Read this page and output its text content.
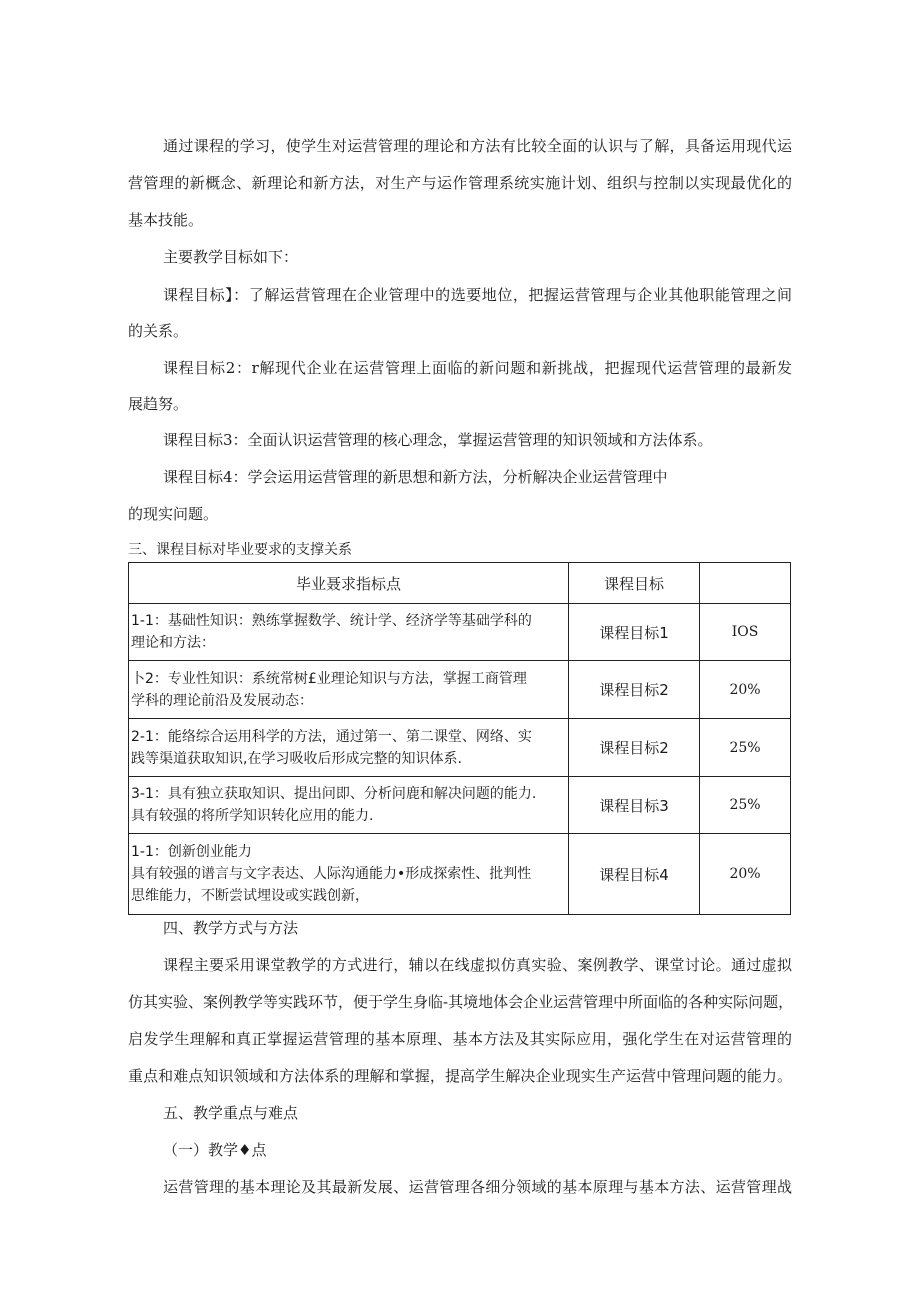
通过课程的学习，使学生对运营管理的理论和方法有比较全面的认识与了解，具备运用现代运
营管理的新概念、新理论和新方法，对生产与运作管理系统实施计划、组织与控制以实现最优化的
基本技能。
主要教学目标如下：
课程目标】：了解运营管理在企业管理中的选要地位，把握运营管理与企业其他职能管理之间
的关系。
课程目标2：r解现代企业在运营管理上面临的新问题和新挑战，把握现代运营管理的最新发
展趋努。
课程目标3：全面认识运营管理的核心理念，掌握运营管理的知识领域和方法体系。
课程目标4：学会运用运营管理的新思想和新方法，分析解决企业运营管理中
的现实问题。
三、课程目标对毕业要求的支撑关系
毕业聂求指标点	课程目标	

1-1：基础性知识：熟练掌握数学、统计学、经济学等基础学科的
理论和方法：	课程目标1	IOS

卜2：专业性知识：系统常树£业理论知识与方法，掌握工商管理
学科的理论前沿及发展动态：	课程目标2	20%

2-1：能络综合运用科学的方法，通过第一、第二课堂、网络、实
践等渠道获取知识,在学习吸收后形成完整的知识体系.	课程目标2	25%

3-1：具有独立获取知识、提出问即、分析问鹿和解决问题的能力.
具有较强的将所学知识转化应用的能力.	课程目标3	25%

1-1：创新创业能力
具有较强的谱言与文字表达、人际沟通能力•形成探索性、批判性
思维能力，不断尝试埋设或实践创新，	课程目标4	20%
四、教学方式与方法
课程主要采用课堂教学的方式进行，辅以在线虚拟仿真实验、案例教学、课堂讨论。通过虚拟
仿其实验、案例教学等实践环节，便于学生身临-其境地体会企业运营管理中所面临的各种实际问题，
启发学生理解和真正掌握运营管理的基本原理、基本方法及其实际应用，强化学生在对运营管理的
重点和难点知识领域和方法体系的理解和掌握，提高学生解决企业现实生产运营中管理问题的能力。
五、教学重点与难点
（一）教学♦点
运营管理的基本理论及其最新发展、运营管理各细分领域的基本原理与基本方法、运营管理战
